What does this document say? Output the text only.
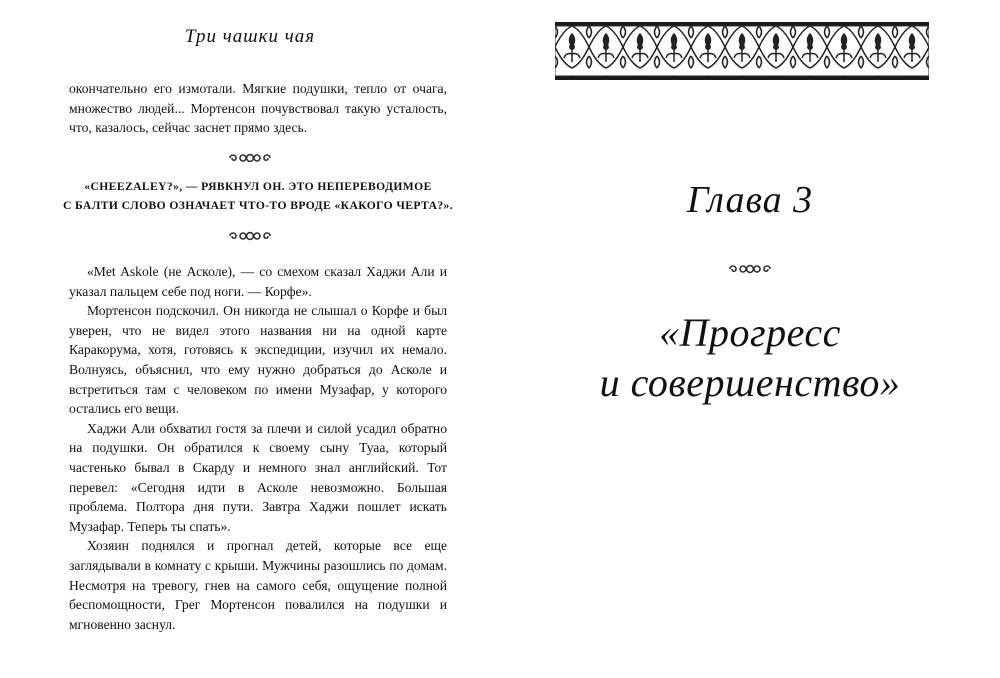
Три чашки чая

окончательно его измотали. Мягкие подушки, тепло от очага, множество людей... Мортенсон почувствовал такую усталость, что, казалось, сейчас заснет прямо здесь.

«CHEEZALEY?», — РЯВКНУЛ ОН. ЭТО НЕПЕРЕВОДИМОЕ
С БАЛТИ СЛОВО ОЗНАЧАЕТ ЧТО-ТО ВРОДЕ «КАКОГО ЧЕРТА?».

«Met Askole (не Асколе), — со смехом сказал Хаджи Али и указал пальцем себе под ноги. — Корфе».

Мортенсон подскочил. Он никогда не слышал о Корфе и был уверен, что не видел этого названия ни на одной карте Каракорума, хотя, готовясь к экспедиции, изучил их немало. Волнуясь, объяснил, что ему нужно добраться до Асколе и встретиться там с человеком по имени Музафар, у которого остались его вещи.

Хаджи Али обхватил гостя за плечи и силой усадил обратно на подушки. Он обратился к своему сыну Туаа, который частенько бывал в Скарду и немного знал английский. Тот перевел: «Сегодня идти в Асколе невозможно. Большая проблема. Полтора дня пути. Завтра Хаджи пошлет искать Музафар. Теперь ты спать».

Хозяин поднялся и прогнал детей, которые все еще заглядывали в комнату с крыши. Мужчины разошлись по домам. Несмотря на тревогу, гнев на самого себя, ощущение полной беспомощности, Грег Мортенсон повалился на подушки и мгновенно заснул.

Глава 3
«Прогресс
и совершенство»
